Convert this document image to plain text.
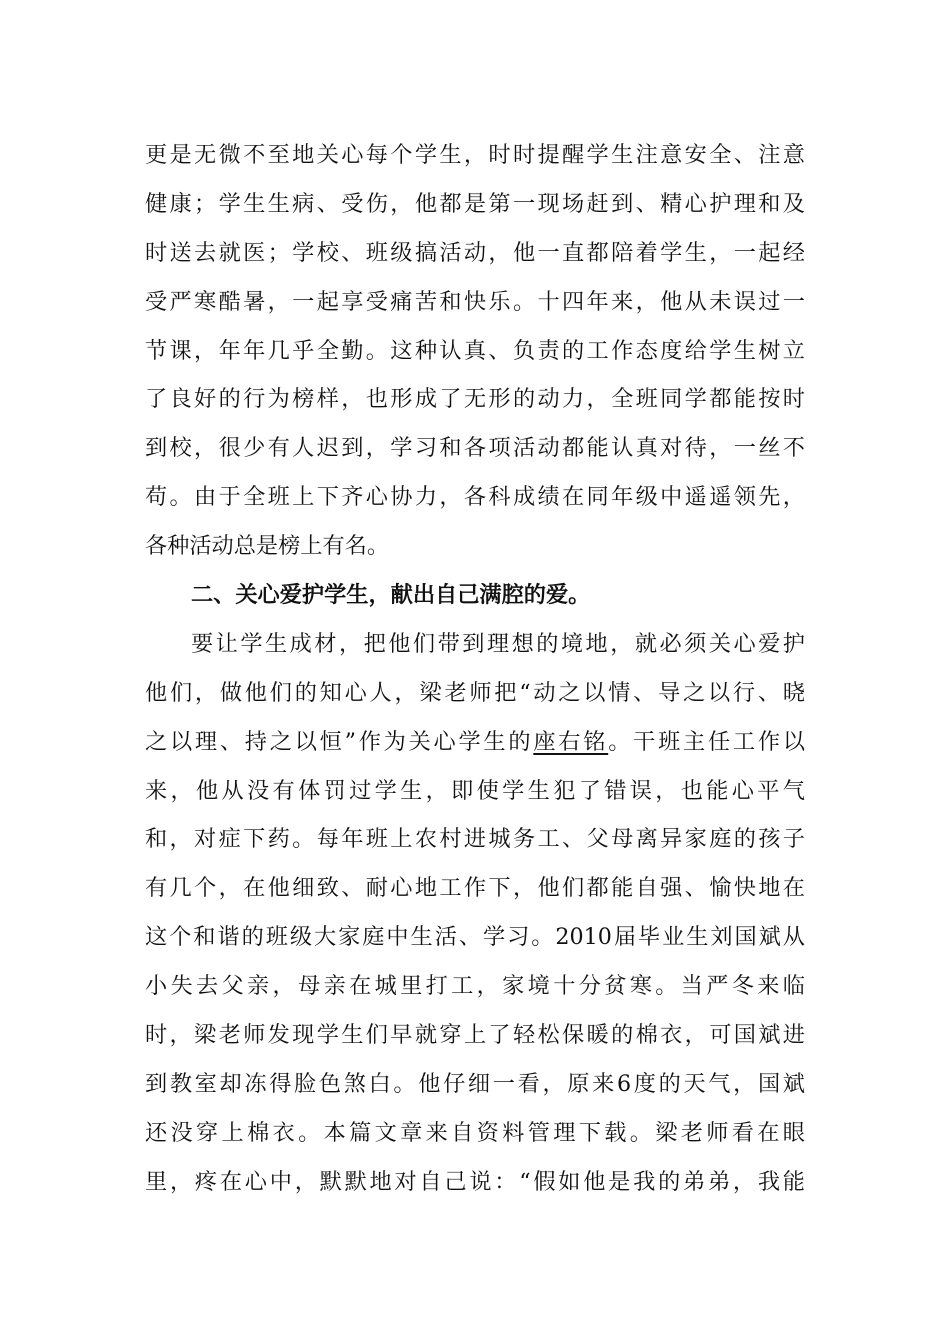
更是无微不至地关心每个学生，时时提醒学生注意安全、注意
健康；学生生病、受伤，他都是第一现场赶到、精心护理和及
时送去就医；学校、班级搞活动，他一直都陪着学生，一起经
受严寒酷暑，一起享受痛苦和快乐。十四年来，他从未误过一
节课，年年几乎全勤。这种认真、负责的工作态度给学生树立
了良好的行为榜样，也形成了无形的动力，全班同学都能按时
到校，很少有人迟到，学习和各项活动都能认真对待，一丝不
苟。由于全班上下齐心协力，各科成绩在同年级中遥遥领先，
各种活动总是榜上有名。
二、关心爱护学生，献出自己满腔的爱。
要让学生成材，把他们带到理想的境地，就必须关心爱护
他们，做他们的知心人，梁老师把“动之以情、导之以行、晓
之以理、持之以恒”作为关心学生的座右铭。干班主任工作以
来，他从没有体罚过学生，即使学生犯了错误，也能心平气
和，对症下药。每年班上农村进城务工、父母离异家庭的孩子
有几个，在他细致、耐心地工作下，他们都能自强、愉快地在
这个和谐的班级大家庭中生活、学习。2010届毕业生刘国斌从
小失去父亲，母亲在城里打工，家境十分贫寒。当严冬来临
时，梁老师发现学生们早就穿上了轻松保暖的棉衣，可国斌进
到教室却冻得脸色煞白。他仔细一看，原来6度的天气，国斌
还没穿上棉衣。本篇文章来自资料管理下载。梁老师看在眼
里，疼在心中，默默地对自己说：“假如他是我的弟弟，我能
